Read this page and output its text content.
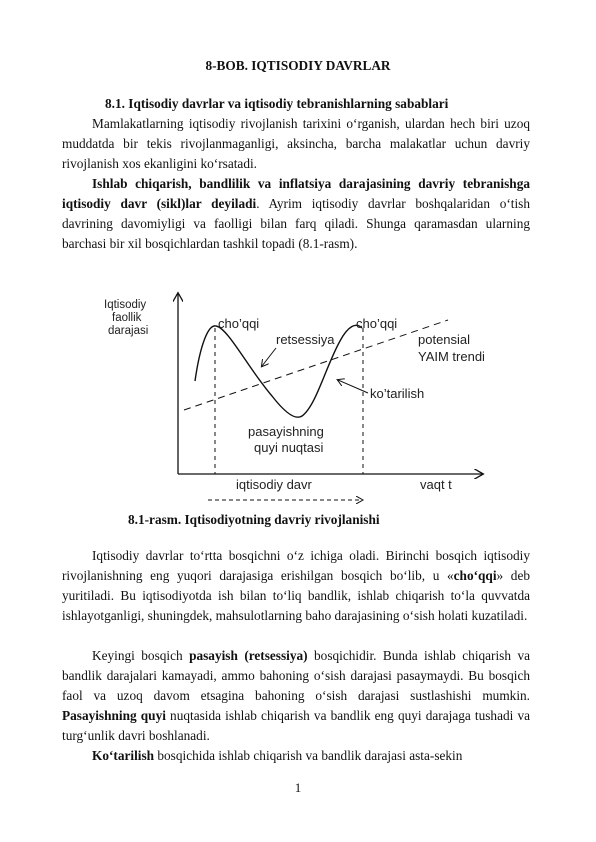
8-BOB. IQTISODIY DAVRLAR
8.1. Iqtisodiy davrlar va iqtisodiy tebranishlarning sabablari
Mamlakatlarning iqtisodiy rivojlanish tarixini o‘rganish, ulardan hech biri uzoq muddatda bir tekis rivojlanmaganligi, aksincha, barcha malakatlar uchun davriy rivojlanish xos ekanligini ko‘rsatadi.
Ishlab chiqarish, bandlilik va inflatsiya darajasining davriy tebranishga iqtisodiy davr (sikl)lar deyiladi. Ayrim iqtisodiy davrlar boshqalaridan o‘tish davrining davomiyligi va faolligi bilan farq qiladi. Shunga qaramasdan ularning barchasi bir xil bosqichlardan tashkil topadi (8.1-rasm).
Iqtisodiy
faollik
darajasi	cho’qqi	cho’qqi
retsessiya	potensial
YAIM trendi
ko’tarilish
pasayishning
quyi nuqtasi
iqtisodiy davr	vaqt t
8.1-rasm. Iqtisodiyotning davriy rivojlanishi
Iqtisodiy davrlar to‘rtta bosqichni o‘z ichiga oladi. Birinchi bosqich iqtisodiy rivojlanishning eng yuqori darajasiga erishilgan bosqich bo‘lib, u «cho‘qqi» deb yuritiladi. Bu iqtisodiyotda ish bilan to‘liq bandlik, ishlab chiqarish to‘la quvvatda ishlayotganligi, shuningdek, mahsulotlarning baho darajasining o‘sish holati kuzatiladi.
Keyingi bosqich pasayish (retsessiya) bosqichidir. Bunda ishlab chiqarish va bandlik darajalari kamayadi, ammo bahoning o‘sish darajasi pasaymaydi. Bu bosqich faol va uzoq davom etsagina bahoning o‘sish darajasi sustlashishi mumkin. Pasayishning quyi nuqtasida ishlab chiqarish va bandlik eng quyi darajaga tushadi va turg‘unlik davri boshlanadi.
Ko‘tarilish bosqichida ishlab chiqarish va bandlik darajasi asta-sekin
1
